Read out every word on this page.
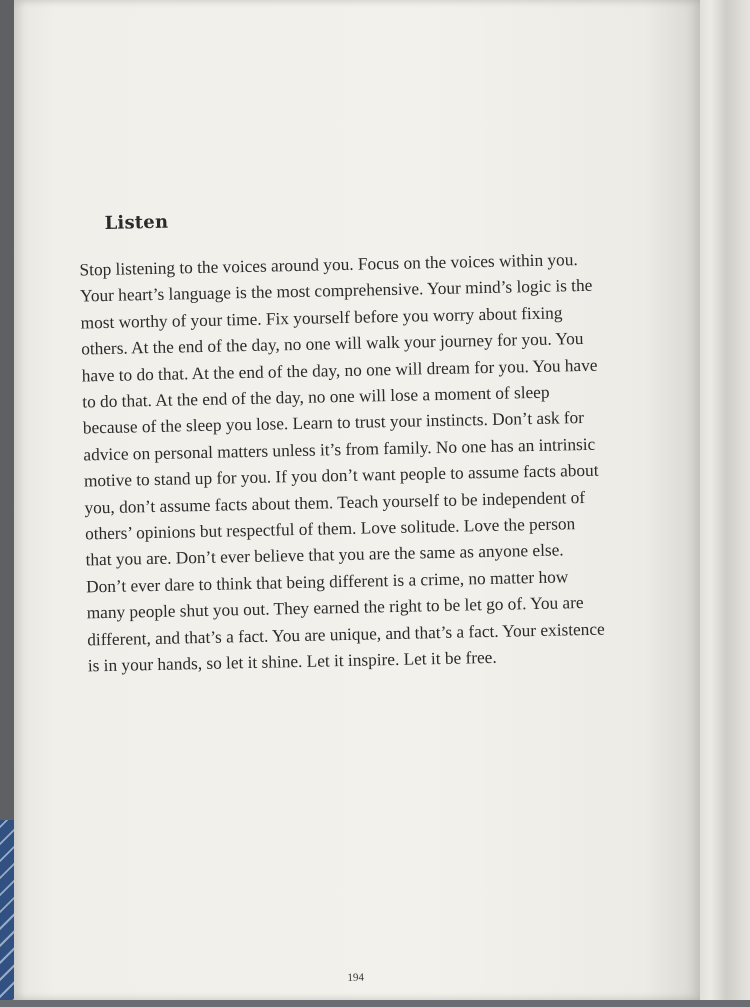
Listen

Stop listening to the voices around you. Focus on the voices within you. Your heart’s language is the most comprehensive. Your mind’s logic is the most worthy of your time. Fix yourself before you worry about fixing others. At the end of the day, no one will walk your journey for you. You have to do that. At the end of the day, no one will dream for you. You have to do that. At the end of the day, no one will lose a moment of sleep because of the sleep you lose. Learn to trust your instincts. Don’t ask for advice on personal matters unless it’s from family. No one has an intrinsic motive to stand up for you. If you don’t want people to assume facts about you, don’t assume facts about them. Teach yourself to be independent of others’ opinions but respectful of them. Love solitude. Love the person that you are. Don’t ever believe that you are the same as anyone else. Don’t ever dare to think that being different is a crime, no matter how many people shut you out. They earned the right to be let go of. You are different, and that’s a fact. You are unique, and that’s a fact. Your existence is in your hands, so let it shine. Let it inspire. Let it be free.

194
